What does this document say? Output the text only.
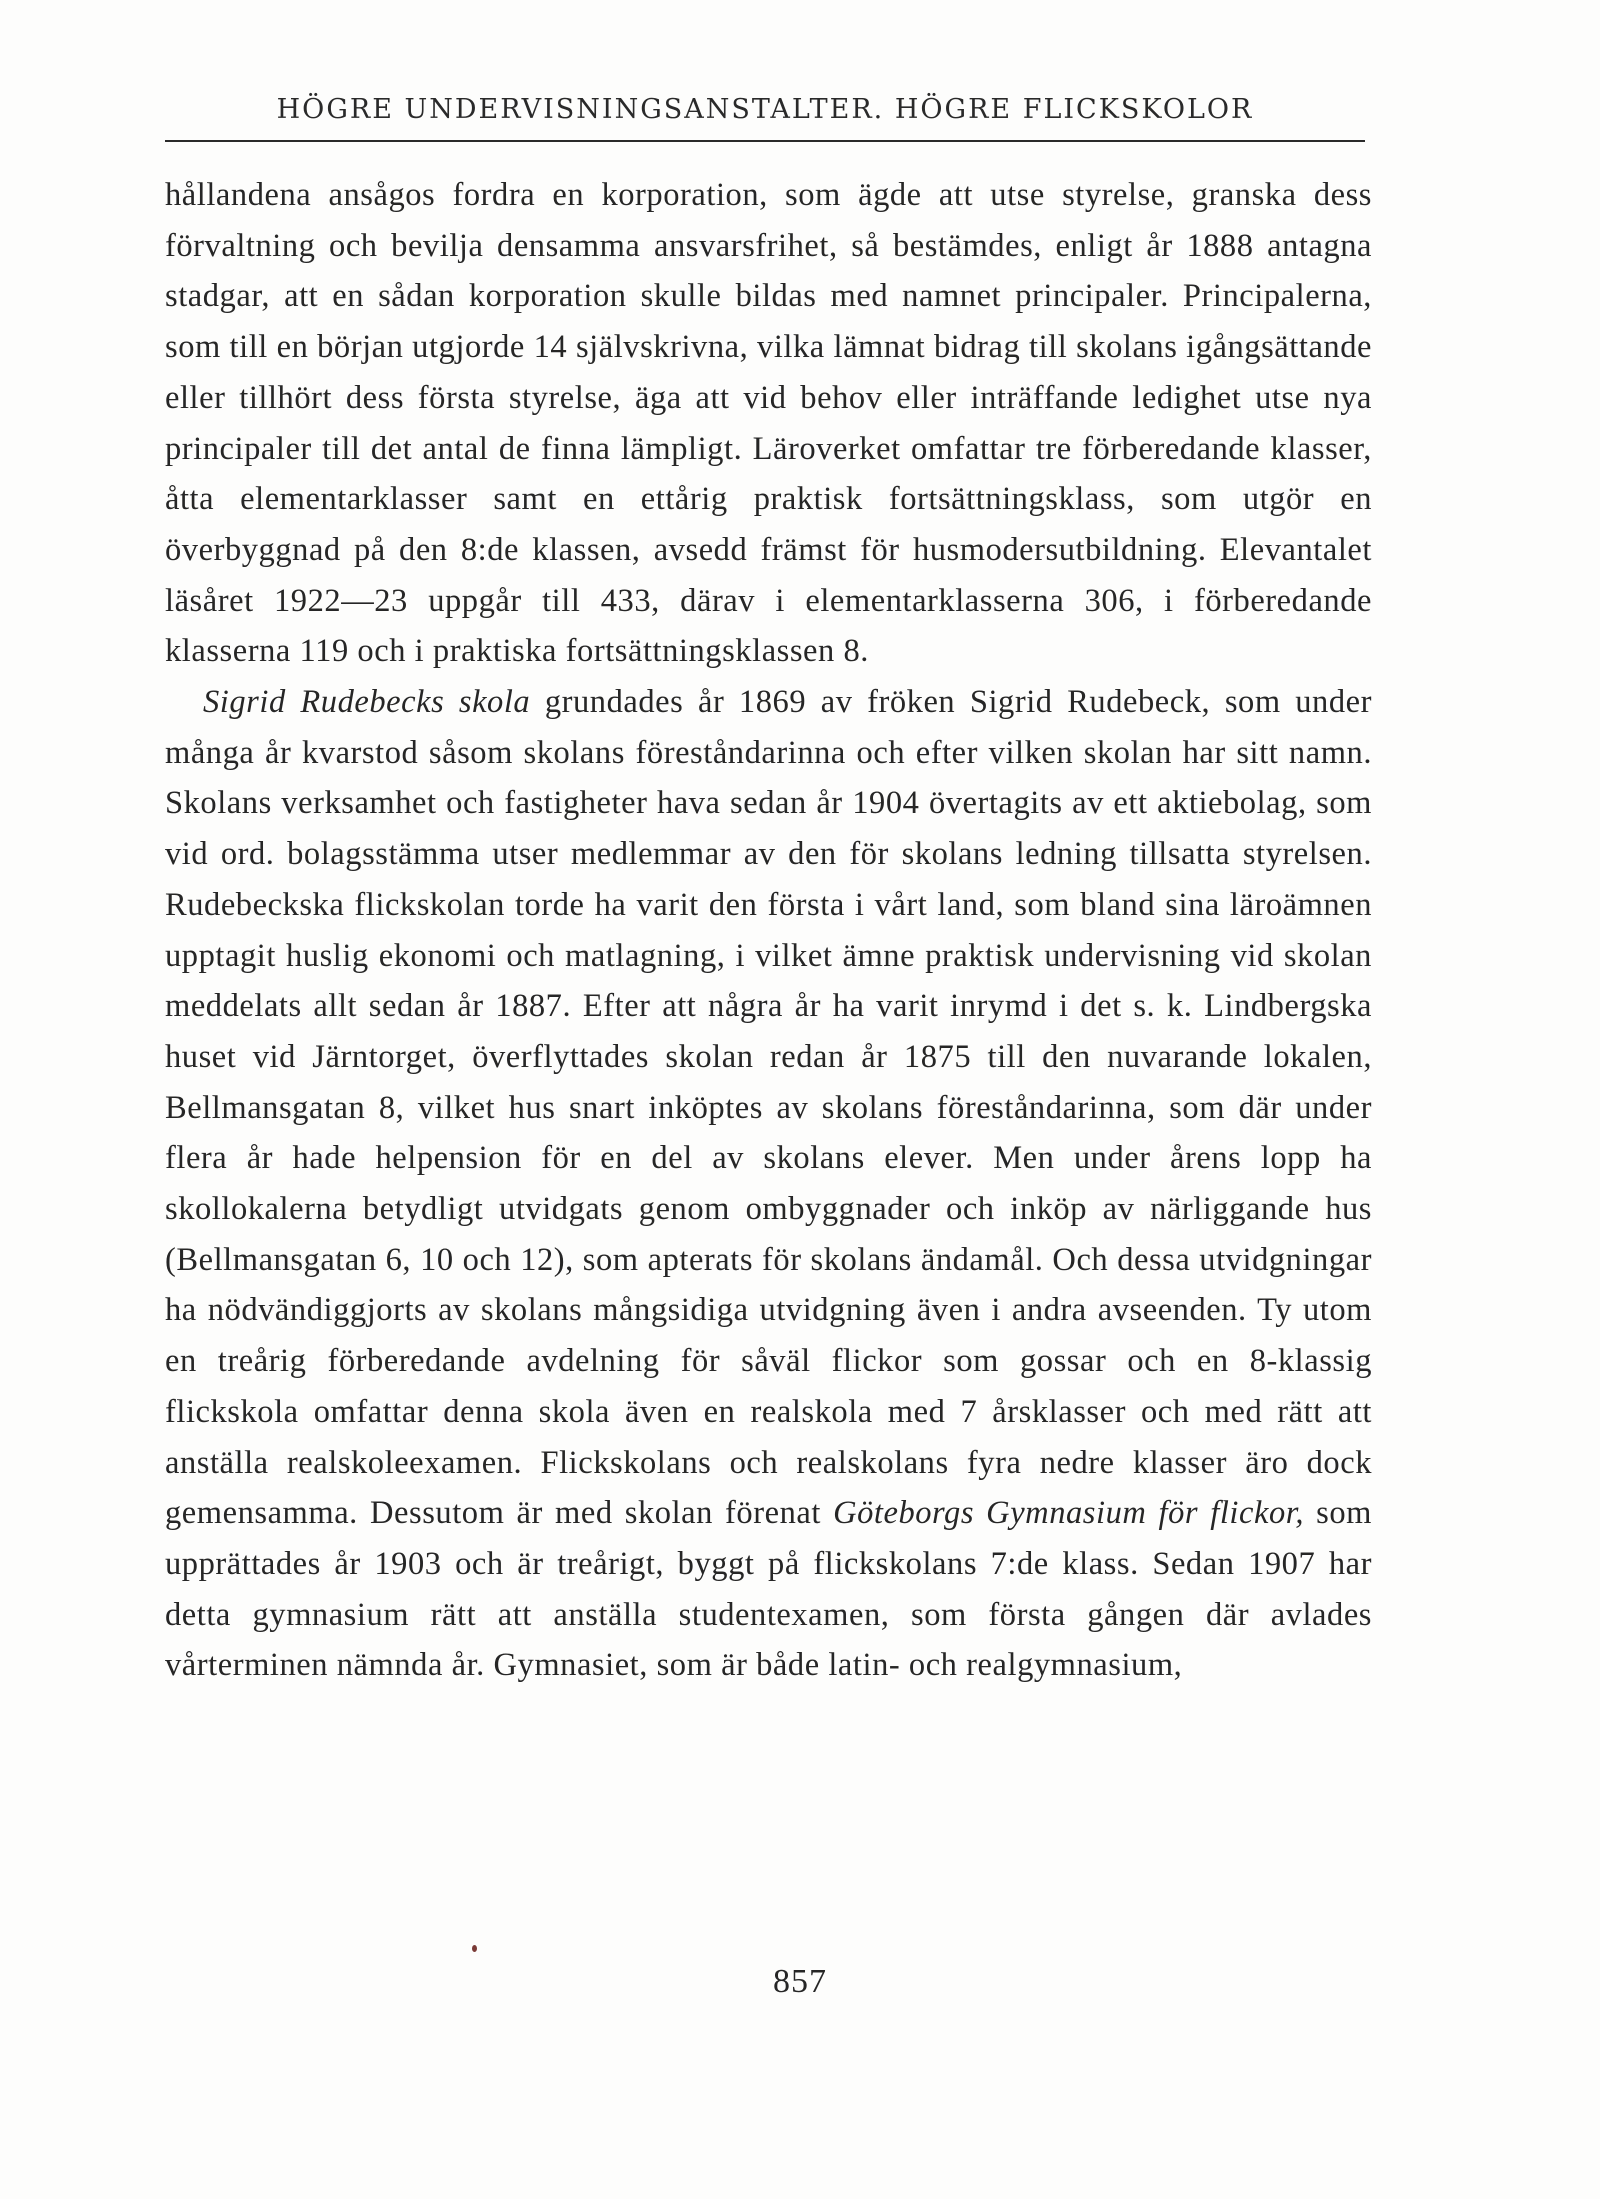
HÖGRE UNDERVISNINGSANSTALTER. HÖGRE FLICKSKOLOR

hållandena ansågos fordra en korporation, som ägde att utse styrelse, granska dess förvaltning och bevilja densamma ansvarsfrihet, så bestämdes, enligt år 1888 antagna stadgar, att en sådan korporation skulle bildas med namnet principaler. Principalerna, som till en början utgjorde 14 självskrivna, vilka lämnat bidrag till skolans igångsättande eller tillhört dess första styrelse, äga att vid behov eller inträffande ledighet utse nya principaler till det antal de finna lämpligt. Läroverket omfattar tre förberedande klasser, åtta elementarklasser samt en ettårig praktisk fortsättningsklass, som utgör en överbyggnad på den 8:de klassen, avsedd främst för husmodersutbildning. Elevantalet läsåret 1922—23 uppgår till 433, därav i elementarklasserna 306, i förberedande klasserna 119 och i praktiska fortsättningsklassen 8.

Sigrid Rudebecks skola grundades år 1869 av fröken Sigrid Rudebeck, som under många år kvarstod såsom skolans föreståndarinna och efter vilken skolan har sitt namn. Skolans verksamhet och fastigheter hava sedan år 1904 övertagits av ett aktiebolag, som vid ord. bolagsstämma utser medlemmar av den för skolans ledning tillsatta styrelsen. Rudebeckska flickskolan torde ha varit den första i vårt land, som bland sina läroämnen upptagit huslig ekonomi och matlagning, i vilket ämne praktisk undervisning vid skolan meddelats allt sedan år 1887. Efter att några år ha varit inrymd i det s. k. Lindbergska huset vid Järntorget, överflyttades skolan redan år 1875 till den nuvarande lokalen, Bellmansgatan 8, vilket hus snart inköptes av skolans föreståndarinna, som där under flera år hade helpension för en del av skolans elever. Men under årens lopp ha skollokalerna betydligt utvidgats genom ombyggnader och inköp av närliggande hus (Bellmansgatan 6, 10 och 12), som apterats för skolans ändamål. Och dessa utvidgningar ha nödvändiggjorts av skolans mångsidiga utvidgning även i andra avseenden. Ty utom en treårig förberedande avdelning för såväl flickor som gossar och en 8-klassig flickskola omfattar denna skola även en realskola med 7 årsklasser och med rätt att anställa realskoleexamen. Flickskolans och realskolans fyra nedre klasser äro dock gemensamma. Dessutom är med skolan förenat Göteborgs Gymnasium för flickor, som upprättades år 1903 och är treårigt, byggt på flickskolans 7:de klass. Sedan 1907 har detta gymnasium rätt att anställa studentexamen, som första gången där avlades vårterminen nämnda år. Gymnasiet, som är både latin- och realgymnasium,

857
